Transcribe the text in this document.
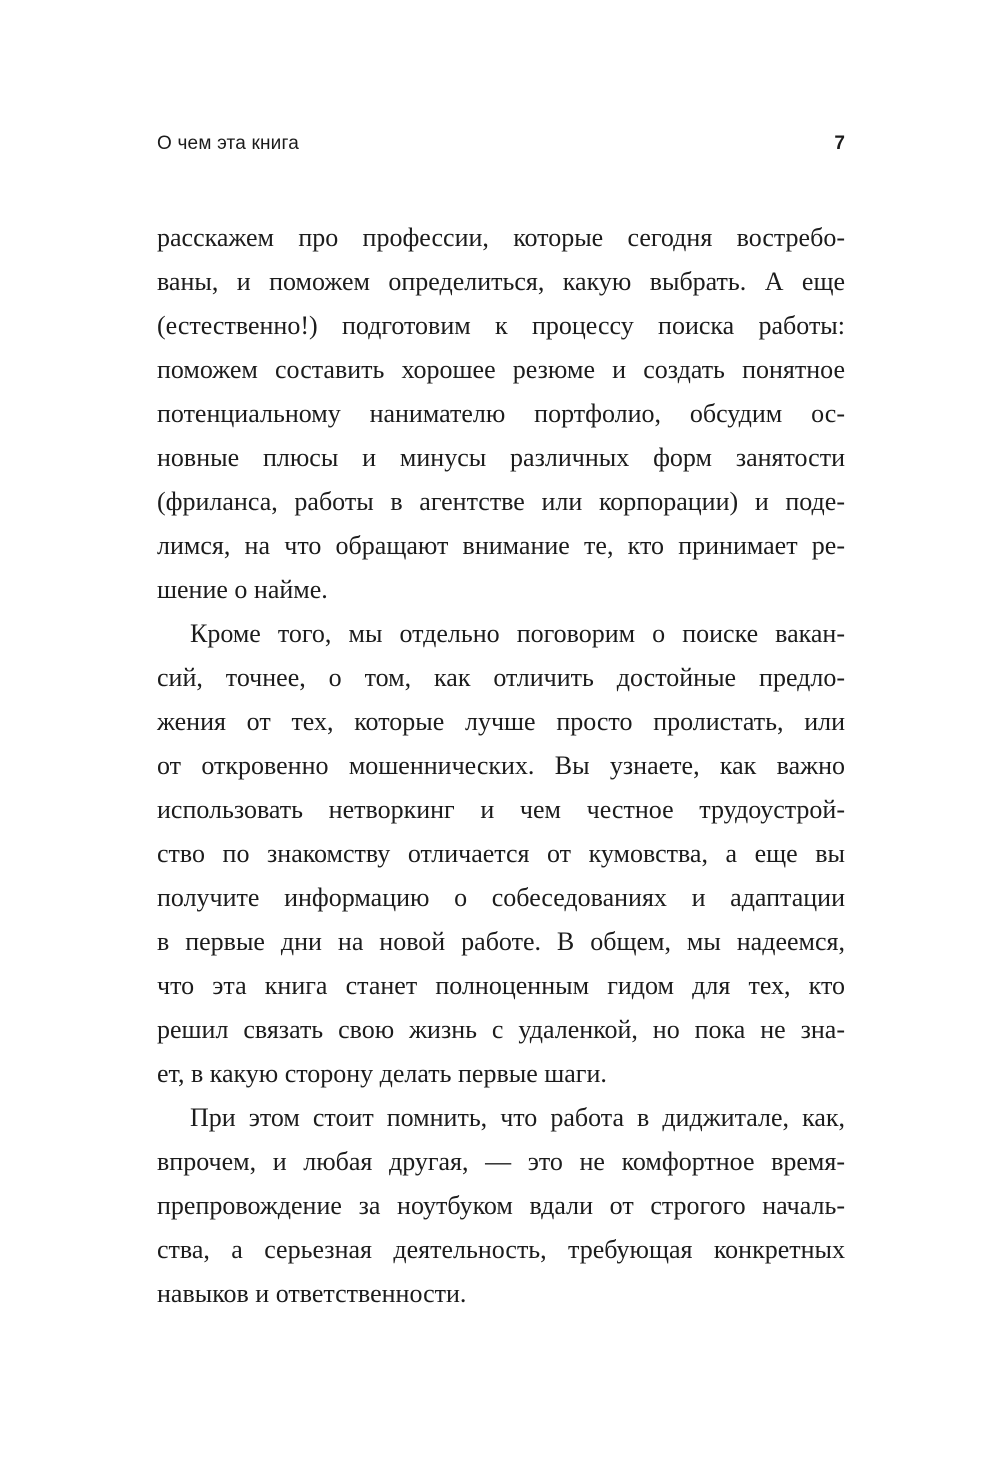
О чем эта книга	7
расскажем про профессии, которые сегодня востребо-
ваны, и поможем определиться, какую выбрать. А еще
(естественно!) подготовим к процессу поиска работы:
поможем составить хорошее резюме и создать понятное
потенциальному нанимателю портфолио, обсудим ос-
новные плюсы и минусы различных форм занятости
(фриланса, работы в агентстве или корпорации) и поде-
лимся, на что обращают внимание те, кто принимает ре-
шение о найме.
Кроме того, мы отдельно поговорим о поиске вакан-
сий, точнее, о том, как отличить достойные предло-
жения от тех, которые лучше просто пролистать, или
от откровенно мошеннических. Вы узнаете, как важно
использовать нетворкинг и чем честное трудоустрой-
ство по знакомству отличается от кумовства, а еще вы
получите информацию о собеседованиях и адаптации
в первые дни на новой работе. В общем, мы надеемся,
что эта книга станет полноценным гидом для тех, кто
решил связать свою жизнь с удаленкой, но пока не зна-
ет, в какую сторону делать первые шаги.
При этом стоит помнить, что работа в диджитале, как,
впрочем, и любая другая, — это не комфортное время-
препровождение за ноутбуком вдали от строгого началь-
ства, а серьезная деятельность, требующая конкретных
навыков и ответственности.
